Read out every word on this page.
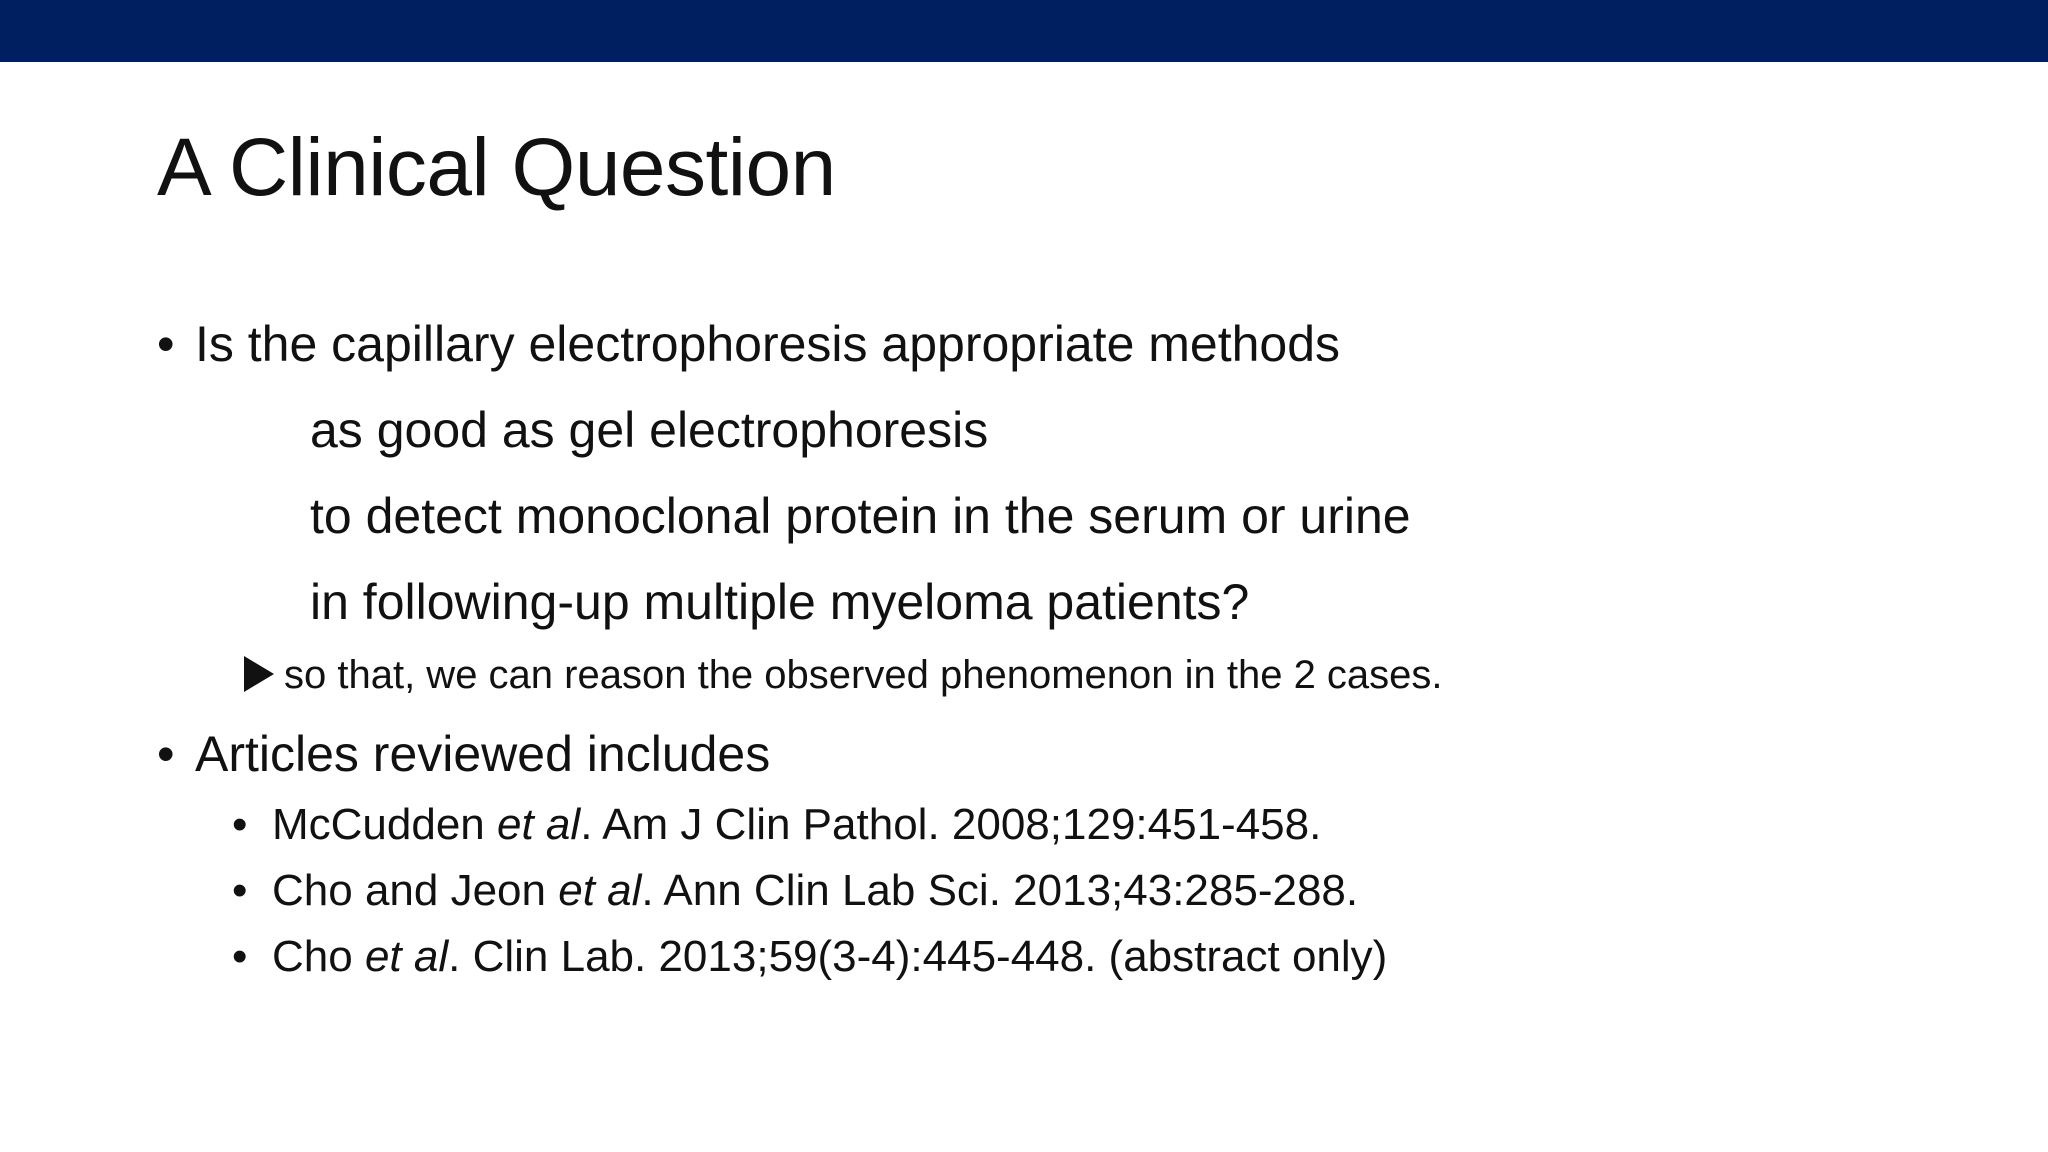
A Clinical Question
• Is the capillary electrophoresis appropriate methods
as good as gel electrophoresis
to detect monoclonal protein in the serum or urine
in following-up multiple myeloma patients?
so that, we can reason the observed phenomenon in the 2 cases.
• Articles reviewed includes
• McCudden et al. Am J Clin Pathol. 2008;129:451-458.
• Cho and Jeon et al. Ann Clin Lab Sci. 2013;43:285-288.
• Cho et al. Clin Lab. 2013;59(3-4):445-448. (abstract only)
